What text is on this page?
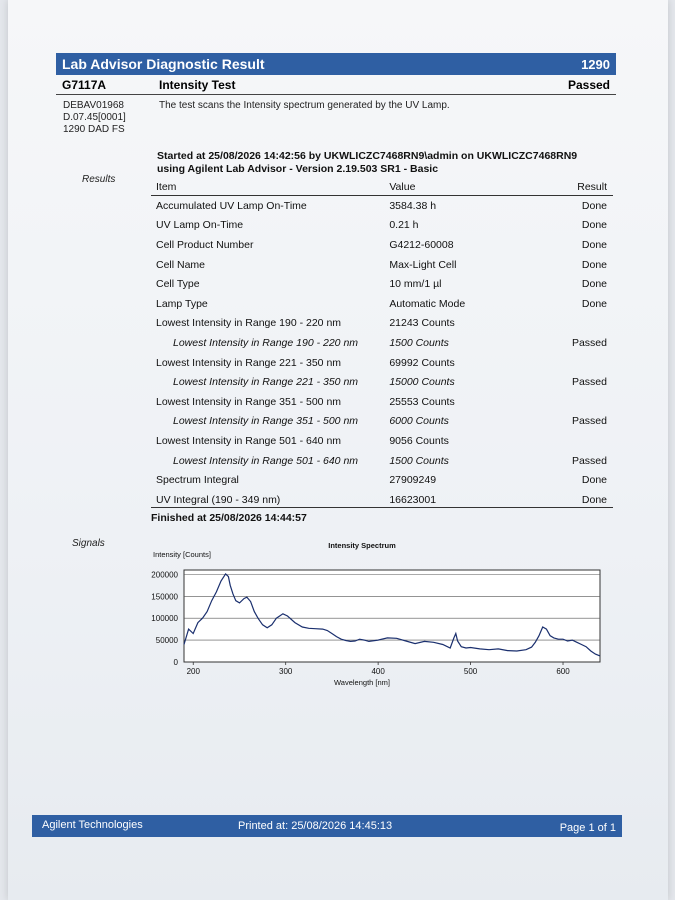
Lab Advisor Diagnostic Result	1290
G7117A	Intensity Test	Passed
DEBAV01968
D.07.45[0001]
1290 DAD FS
The test scans the Intensity spectrum generated by the UV Lamp.
Started at 25/08/2026 14:42:56 by UKWLICZC7468RN9\admin on UKWLICZC7468RN9
using Agilent Lab Advisor - Version 2.19.503 SR1 - Basic
Results
Item	Value	Result
Accumulated UV Lamp On-Time	3584.38 h	Done
UV Lamp On-Time	0.21 h	Done
Cell Product Number	G4212-60008	Done
Cell Name	Max-Light Cell	Done
Cell Type	10 mm/1 µl	Done
Lamp Type	Automatic Mode	Done
Lowest Intensity in Range 190 - 220 nm	21243 Counts	
Lowest Intensity in Range 190 - 220 nm	1500 Counts	Passed
Lowest Intensity in Range 221 - 350 nm	69992 Counts	
Lowest Intensity in Range 221 - 350 nm	15000 Counts	Passed
Lowest Intensity in Range 351 - 500 nm	25553 Counts	
Lowest Intensity in Range 351 - 500 nm	6000 Counts	Passed
Lowest Intensity in Range 501 - 640 nm	9056 Counts	
Lowest Intensity in Range 501 - 640 nm	1500 Counts	Passed
Spectrum Integral	27909249	Done
UV Integral (190 - 349 nm)	16623001	Done
Finished at 25/08/2026 14:44:57
Signals
0
50000
100000
150000
200000
200	300	400	500	600
Intensity Spectrum
Intensity [Counts]
Wavelength [nm]
Agilent Technologies	Printed at: 25/08/2026 14:45:13	Page 1 of 1
